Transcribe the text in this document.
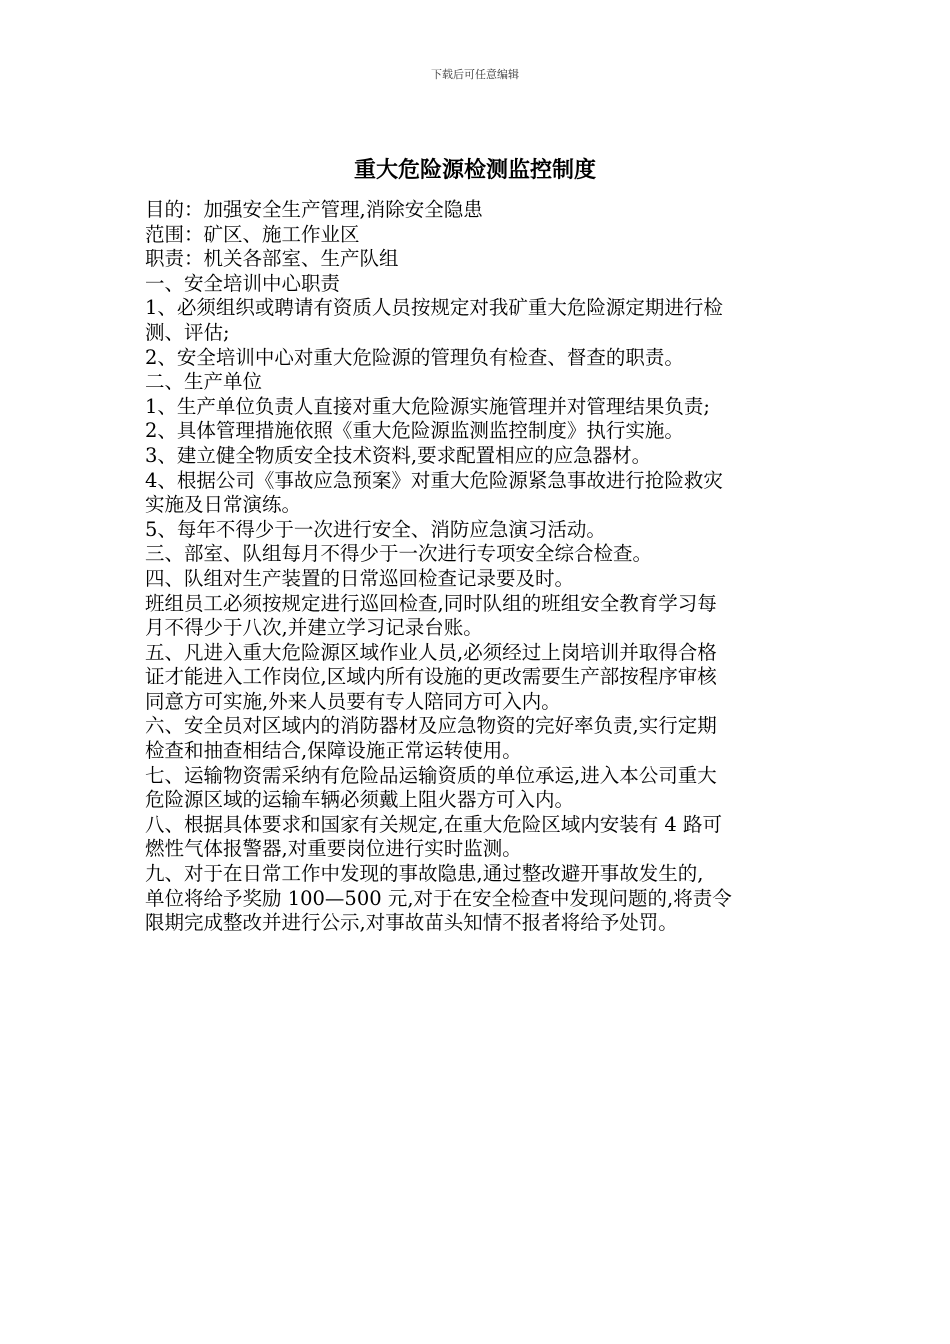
下载后可任意编辑
重大危险源检测监控制度
目的：加强安全生产管理,消除安全隐患
范围：矿区、施工作业区
职责：机关各部室、生产队组
一、安全培训中心职责
1、必须组织或聘请有资质人员按规定对我矿重大危险源定期进行检
测、评估;
2、安全培训中心对重大危险源的管理负有检查、督查的职责。
二、生产单位
1、生产单位负责人直接对重大危险源实施管理并对管理结果负责;
2、具体管理措施依照《重大危险源监测监控制度》执行实施。
3、建立健全物质安全技术资料,要求配置相应的应急器材。
4、根据公司《事故应急预案》对重大危险源紧急事故进行抢险救灾
实施及日常演练。
5、每年不得少于一次进行安全、消防应急演习活动。
三、部室、队组每月不得少于一次进行专项安全综合检查。
四、队组对生产装置的日常巡回检查记录要及时。
班组员工必须按规定进行巡回检查,同时队组的班组安全教育学习每
月不得少于八次,并建立学习记录台账。
五、凡进入重大危险源区域作业人员,必须经过上岗培训并取得合格
证才能进入工作岗位,区域内所有设施的更改需要生产部按程序审核
同意方可实施,外来人员要有专人陪同方可入内。
六、安全员对区域内的消防器材及应急物资的完好率负责,实行定期
检查和抽查相结合,保障设施正常运转使用。
七、运输物资需采纳有危险品运输资质的单位承运,进入本公司重大
危险源区域的运输车辆必须戴上阻火器方可入内。
八、根据具体要求和国家有关规定,在重大危险区域内安装有 4 路可
燃性气体报警器,对重要岗位进行实时监测。
九、对于在日常工作中发现的事故隐患,通过整改避开事故发生的,
单位将给予奖励 100—500 元,对于在安全检查中发现问题的,将责令
限期完成整改并进行公示,对事故苗头知情不报者将给予处罚。
